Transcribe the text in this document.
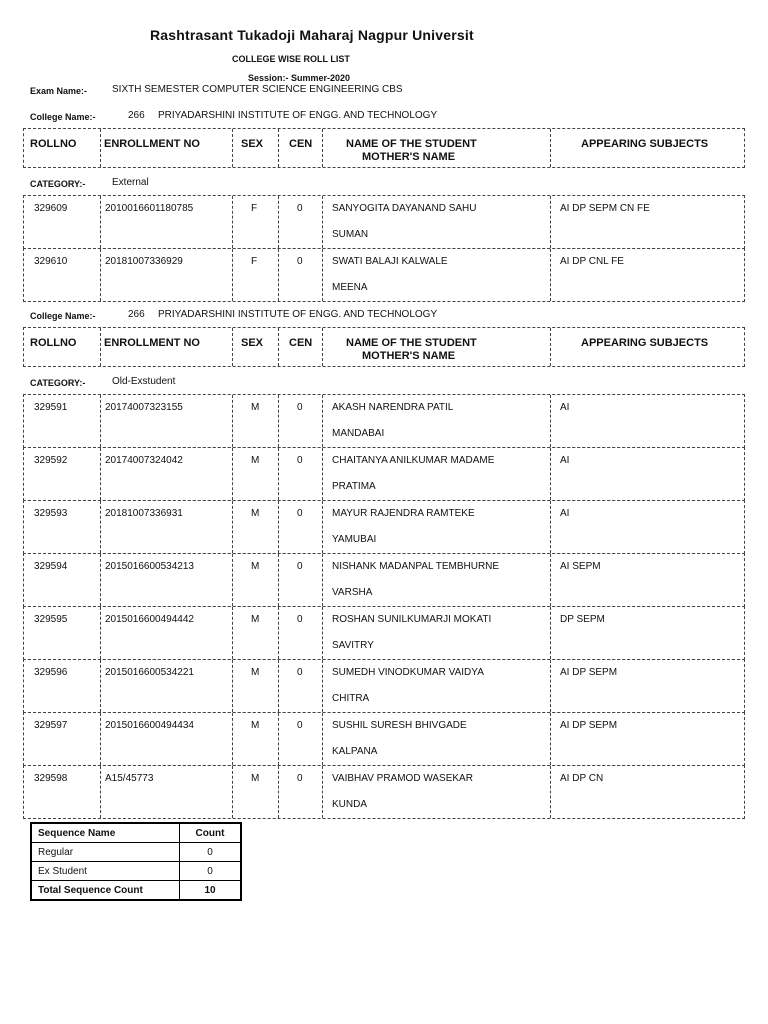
Rashtrasant Tukadoji Maharaj Nagpur Universit
COLLEGE WISE ROLL LIST
Session:- Summer-2020
Exam Name:- SIXTH SEMESTER COMPUTER SCIENCE ENGINEERING CBS
College Name:-	266 PRIYADARSHINI INSTITUTE OF ENGG. AND TECHNOLOGY
ROLLNO	ENROLLMENT NO	SEX CEN	NAME OF THE STUDENT
MOTHER'S NAME
APPEARING SUBJECTS
CATEGORY:-	External
329609	2010016601180785	F	0	SANYOGITA DAYANAND SAHU
SUMAN
AI DP SEPM CN FE
329610	20181007336929	F	0	SWATI BALAJI KALWALE
MEENA
AI DP CNL FE
College Name:-	266 PRIYADARSHINI INSTITUTE OF ENGG. AND TECHNOLOGY
ROLLNO	ENROLLMENT NO	SEX CEN	NAME OF THE STUDENT
MOTHER'S NAME
APPEARING SUBJECTS
CATEGORY:-	Old-Exstudent
329591	20174007323155	M	0	AKASH NARENDRA PATIL
MANDABAI
AI
329592	20174007324042	M	0	CHAITANYA ANILKUMAR MADAME
PRATIMA
AI
329593	20181007336931	M	0	MAYUR RAJENDRA RAMTEKE
YAMUBAI
AI
329594	2015016600534213	M	0	NISHANK MADANPAL TEMBHURNE
VARSHA
AI SEPM
329595	2015016600494442	M	0	ROSHAN SUNILKUMARJI MOKATI
SAVITRY
DP SEPM
329596	2015016600534221	M	0	SUMEDH VINODKUMAR VAIDYA
CHITRA
AI DP SEPM
329597	2015016600494434	M	0	SUSHIL SURESH BHIVGADE
KALPANA
AI DP SEPM
329598	A15/45773	M	0	VAIBHAV PRAMOD WASEKAR
KUNDA
AI DP CN
Sequence Name	Count
Regular	0
Ex Student	0
Total Sequence Count	10
